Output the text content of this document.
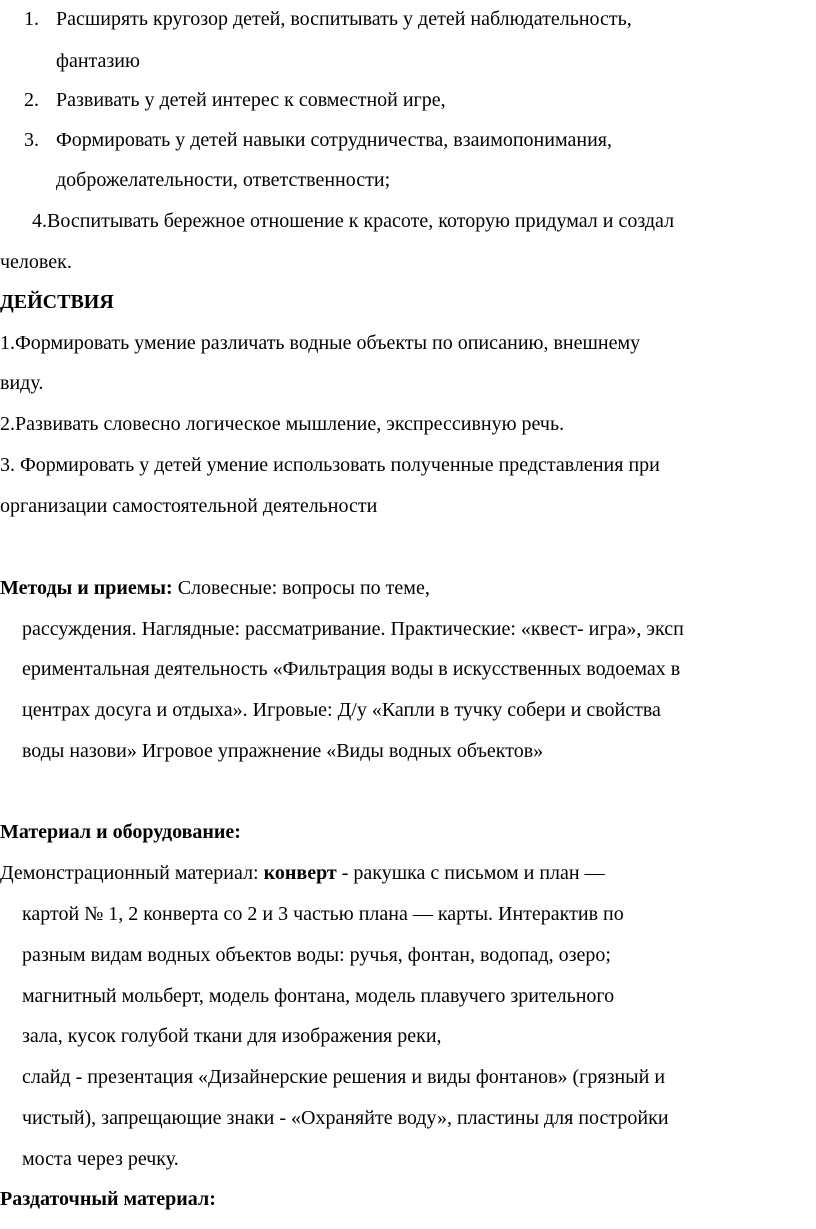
1. Расширять кругозор детей, воспитывать у детей наблюдательность,
фантазию
2. Развивать у детей интерес к совместной игре,
3. Формировать у детей навыки сотрудничества, взаимопонимания,
доброжелательности, ответственности;
4.Воспитывать бережное отношение к красоте, которую придумал и создал
человек.
ДЕЙСТВИЯ
1.Формировать умение различать водные объекты по описанию, внешнему
виду.
2.Развивать словесно логическое мышление, экспрессивную речь.
3. Формировать у детей умение использовать полученные представления при
организации самостоятельной деятельности
Методы и приемы: Словесные: вопросы по теме,
рассуждения. Наглядные: рассматривание. Практические: «квест- игра», эксп
ериментальная деятельность «Фильтрация воды в искусственных водоемах в
центрах досуга и отдыха». Игровые: Д/у «Капли в тучку собери и свойства
воды назови» Игровое упражнение «Виды водных объектов»
Материал и оборудование:
Демонстрационный материал: конверт - ракушка с письмом и план —
картой № 1, 2 конверта со 2 и 3 частью плана — карты. Интерактив по
разным видам водных объектов воды: ручья, фонтан, водопад, озеро;
магнитный мольберт, модель фонтана, модель плавучего зрительного
зала, кусок голубой ткани для изображения реки,
слайд - презентация «Дизайнерские решения и виды фонтанов» (грязный и
чистый), запрещающие знаки - «Охраняйте воду», пластины для постройки
моста через речку.
Раздаточный материал:
